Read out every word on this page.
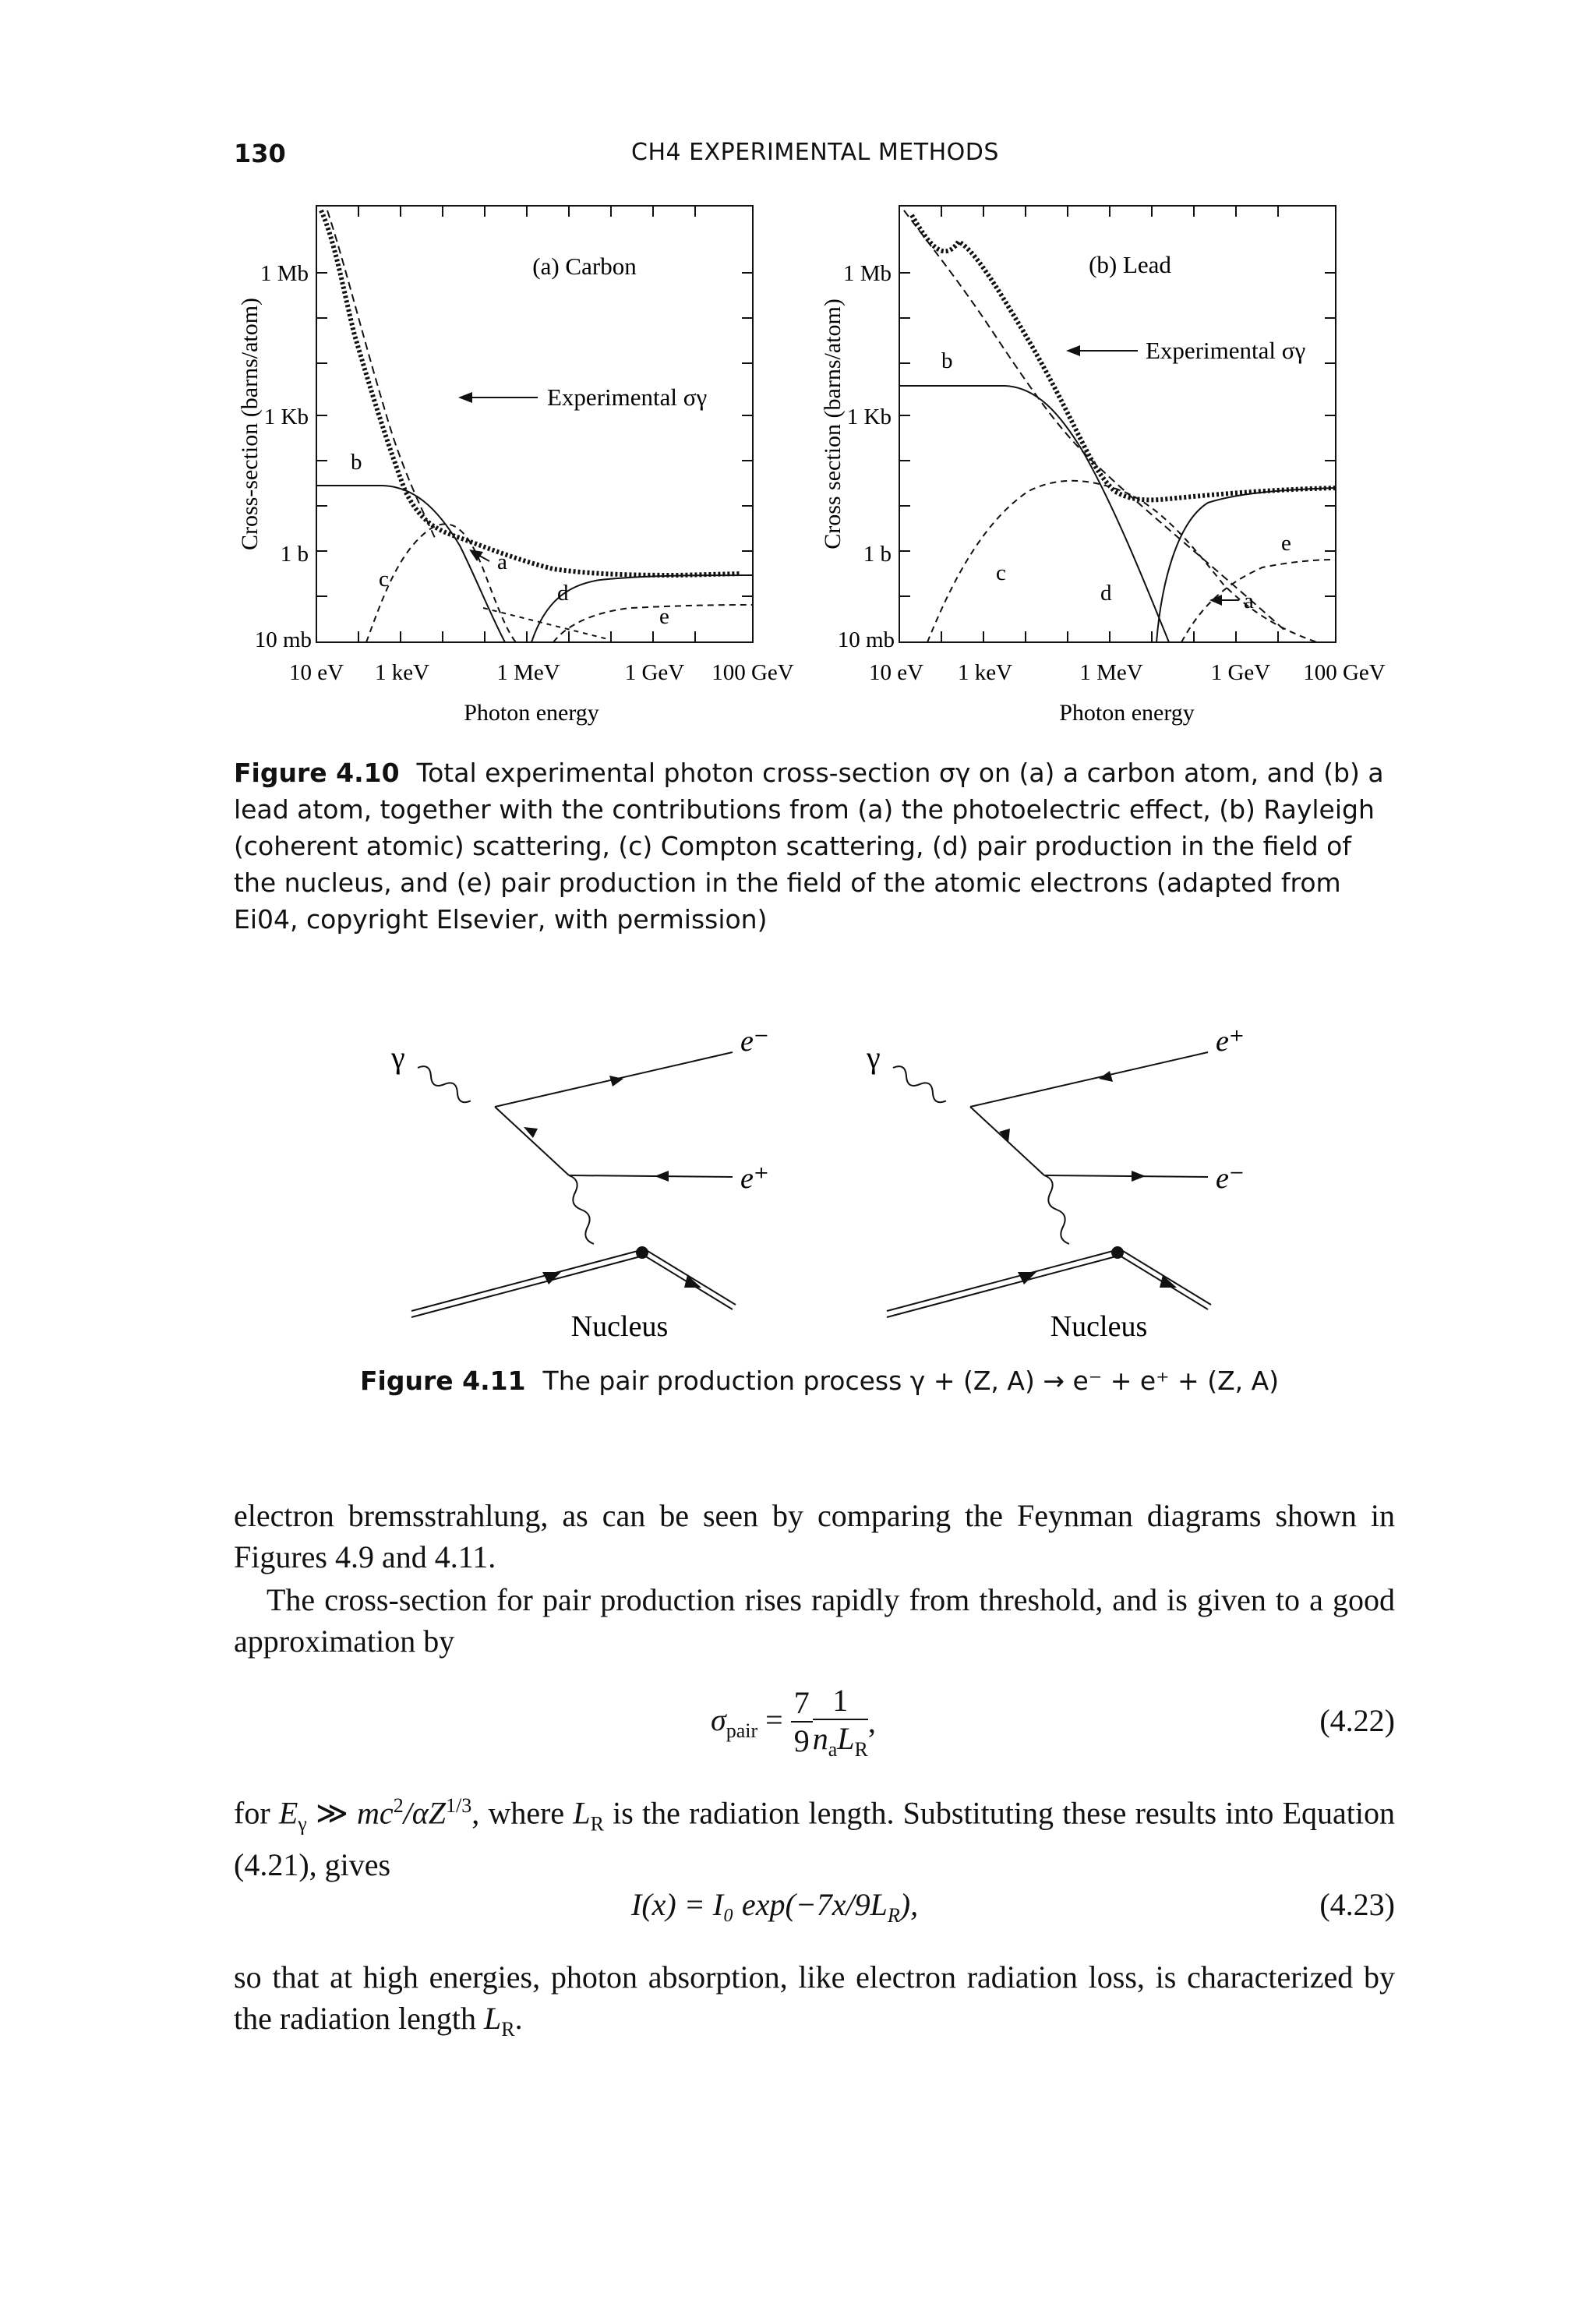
130	CH4 EXPERIMENTAL METHODS
Cross-section (barns/atom)
1 Mb
1 Kb
1 b
10 mb
10 eV 1 keV	1 MeV	1 GeV 100 GeV
Photon energy
(a) Carbon
Experimental σγ
b
c
a
d
e
Cross section (barns/atom)
1 Mb
1 Kb
1 b
10 mb
10 eV 1 keV	1 MeV	1 GeV 100 GeV
Photon energy
(b) Lead
Experimental σγ
b
c
d	a
e
Figure 4.10 Total experimental photon cross-section σγ on (a) a carbon atom, and (b) a lead atom, together with the contributions from (a) the photoelectric effect, (b) Rayleigh (coherent atomic) scattering, (c) Compton scattering, (d) pair production in the field of the nucleus, and (e) pair production in the field of the atomic electrons (adapted from Ei04, copyright Elsevier, with permission)
γ	e⁻
e⁺
Nucleus
γ	e⁺
e⁻
Nucleus
Figure 4.11 The pair production process γ + (Z, A) → e⁻ + e⁺ + (Z, A)
electron bremsstrahlung, as can be seen by comparing the Feynman diagrams shown in Figures 4.9 and 4.11.
The cross-section for pair production rises rapidly from threshold, and is given to a good approximation by
$\sigma_{pair} = \frac{7}{9} \frac{1}{n_aL_R}$ ,	(4.22)
for $E_\gamma$ ≫ $mc^2/\alpha Z^{1/3}$, where $L_R$ is the radiation length. Substituting these results into Equation (4.21), gives
I(x) = I₀ $\exp(-7x/9L_R)$,	(4.23)
so that at high energies, photon absorption, like electron radiation loss, is characterized by the radiation length $L_R$.
